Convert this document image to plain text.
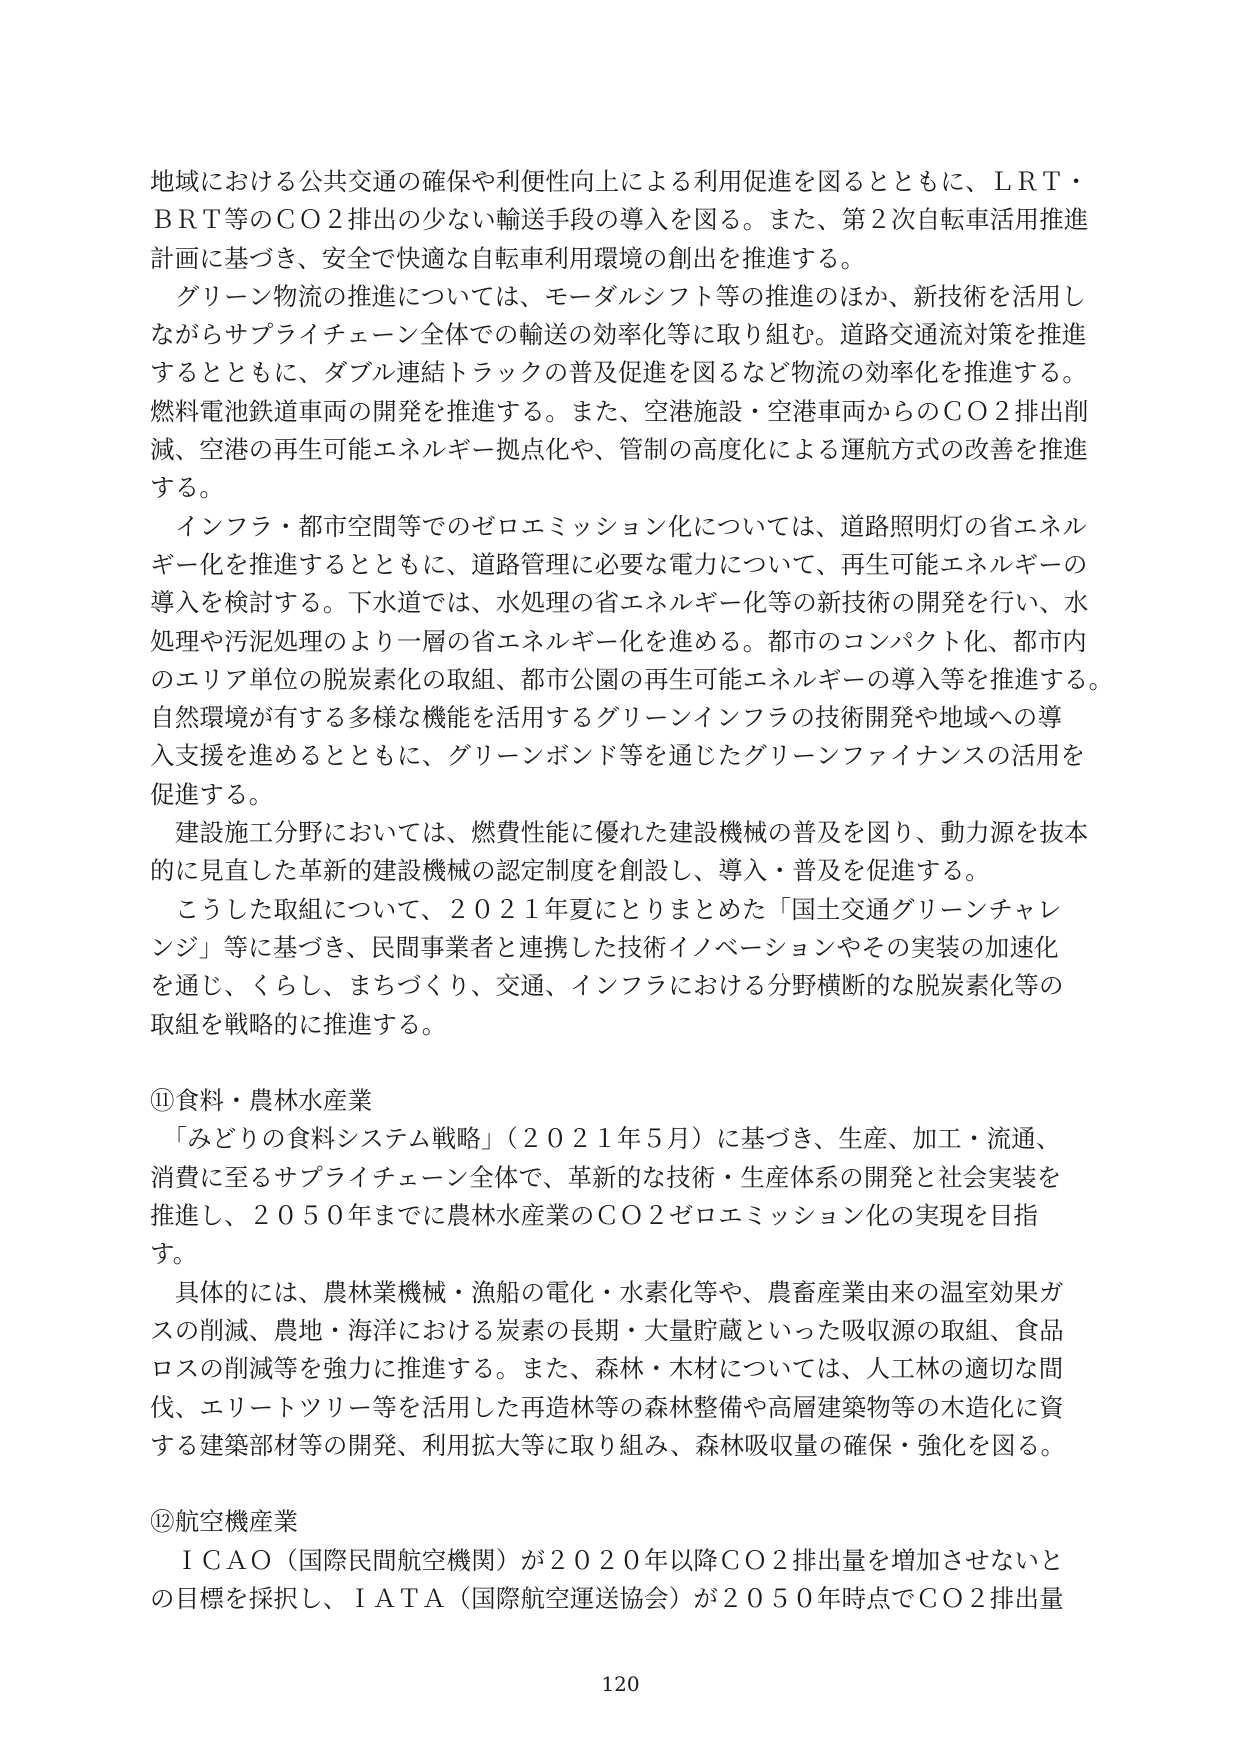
地域における公共交通の確保や利便性向上による利用促進を図るとともに、ＬＲＴ・
ＢＲＴ等のＣＯ２排出の少ない輸送手段の導入を図る。また、第２次自転車活用推進
計画に基づき、安全で快適な自転車利用環境の創出を推進する。
　グリーン物流の推進については、モーダルシフト等の推進のほか、新技術を活用し
ながらサプライチェーン全体での輸送の効率化等に取り組む。道路交通流対策を推進
するとともに、ダブル連結トラックの普及促進を図るなど物流の効率化を推進する。
燃料電池鉄道車両の開発を推進する。また、空港施設・空港車両からのＣＯ２排出削
減、空港の再生可能エネルギー拠点化や、管制の高度化による運航方式の改善を推進
する。
　インフラ・都市空間等でのゼロエミッション化については、道路照明灯の省エネル
ギー化を推進するとともに、道路管理に必要な電力について、再生可能エネルギーの
導入を検討する。下水道では、水処理の省エネルギー化等の新技術の開発を行い、水
処理や汚泥処理のより一層の省エネルギー化を進める。都市のコンパクト化、都市内
のエリア単位の脱炭素化の取組、都市公園の再生可能エネルギーの導入等を推進する。
自然環境が有する多様な機能を活用するグリーンインフラの技術開発や地域への導
入支援を進めるとともに、グリーンボンド等を通じたグリーンファイナンスの活用を
促進する。
　建設施工分野においては、燃費性能に優れた建設機械の普及を図り、動力源を抜本
的に見直した革新的建設機械の認定制度を創設し、導入・普及を促進する。
　こうした取組について、２０２１年夏にとりまとめた「国土交通グリーンチャレ
ンジ」等に基づき、民間事業者と連携した技術イノベーションやその実装の加速化
を通じ、くらし、まちづくり、交通、インフラにおける分野横断的な脱炭素化等の
取組を戦略的に推進する。
⑪食料・農林水産業
　「みどりの食料システム戦略」（２０２１年５月）に基づき、生産、加工・流通、
消費に至るサプライチェーン全体で、革新的な技術・生産体系の開発と社会実装を
推進し、２０５０年までに農林水産業のＣＯ２ゼロエミッション化の実現を目指
す。
　具体的には、農林業機械・漁船の電化・水素化等や、農畜産業由来の温室効果ガ
スの削減、農地・海洋における炭素の長期・大量貯蔵といった吸収源の取組、食品
ロスの削減等を強力に推進する。また、森林・木材については、人工林の適切な間
伐、エリートツリー等を活用した再造林等の森林整備や高層建築物等の木造化に資
する建築部材等の開発、利用拡大等に取り組み、森林吸収量の確保・強化を図る。
⑫航空機産業
　ＩＣＡＯ（国際民間航空機関）が２０２０年以降ＣＯ２排出量を増加させないと
の目標を採択し、ＩＡＴＡ（国際航空運送協会）が２０５０年時点でＣＯ２排出量
120
